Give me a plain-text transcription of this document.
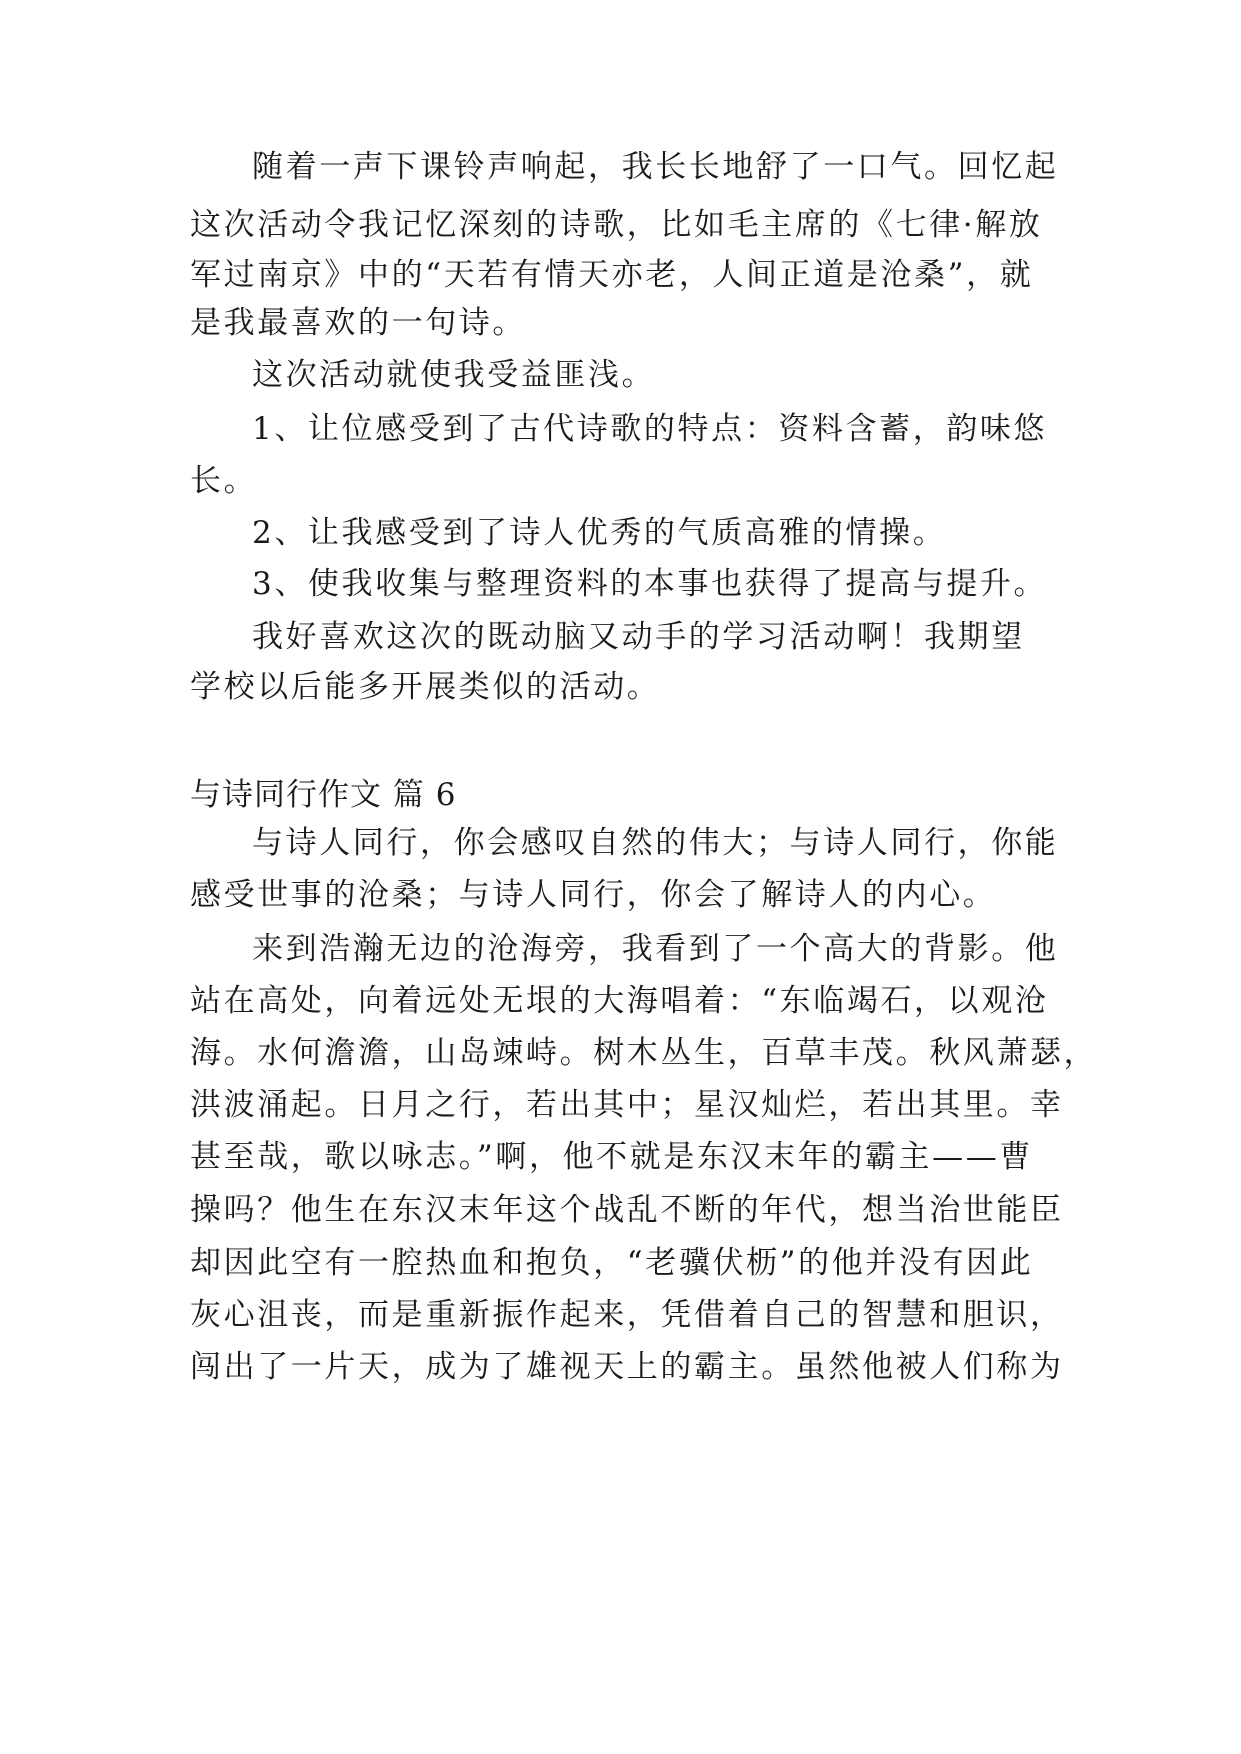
随着一声下课铃声响起，我长长地舒了一口气。回忆起
这次活动令我记忆深刻的诗歌，比如毛主席的《七律·解放
军过南京》中的“天若有情天亦老，人间正道是沧桑”，就
是我最喜欢的一句诗。
这次活动就使我受益匪浅。
1、让位感受到了古代诗歌的特点：资料含蓄，韵味悠
长。
2、让我感受到了诗人优秀的气质高雅的情操。
3、使我收集与整理资料的本事也获得了提高与提升。
我好喜欢这次的既动脑又动手的学习活动啊！我期望
学校以后能多开展类似的活动。
与诗同行作文 篇 6
与诗人同行，你会感叹自然的伟大；与诗人同行，你能
感受世事的沧桑；与诗人同行，你会了解诗人的内心。
来到浩瀚无边的沧海旁，我看到了一个高大的背影。他
站在高处，向着远处无垠的大海唱着：“东临竭石，以观沧
海。水何澹澹，山岛竦峙。树木丛生，百草丰茂。秋风萧瑟，
洪波涌起。日月之行，若出其中；星汉灿烂，若出其里。幸
甚至哉，歌以咏志。”啊，他不就是东汉末年的霸主——曹
操吗？他生在东汉末年这个战乱不断的年代，想当治世能臣
却因此空有一腔热血和抱负，“老骥伏枥”的他并没有因此
灰心沮丧，而是重新振作起来，凭借着自己的智慧和胆识，
闯出了一片天，成为了雄视天上的霸主。虽然他被人们称为
